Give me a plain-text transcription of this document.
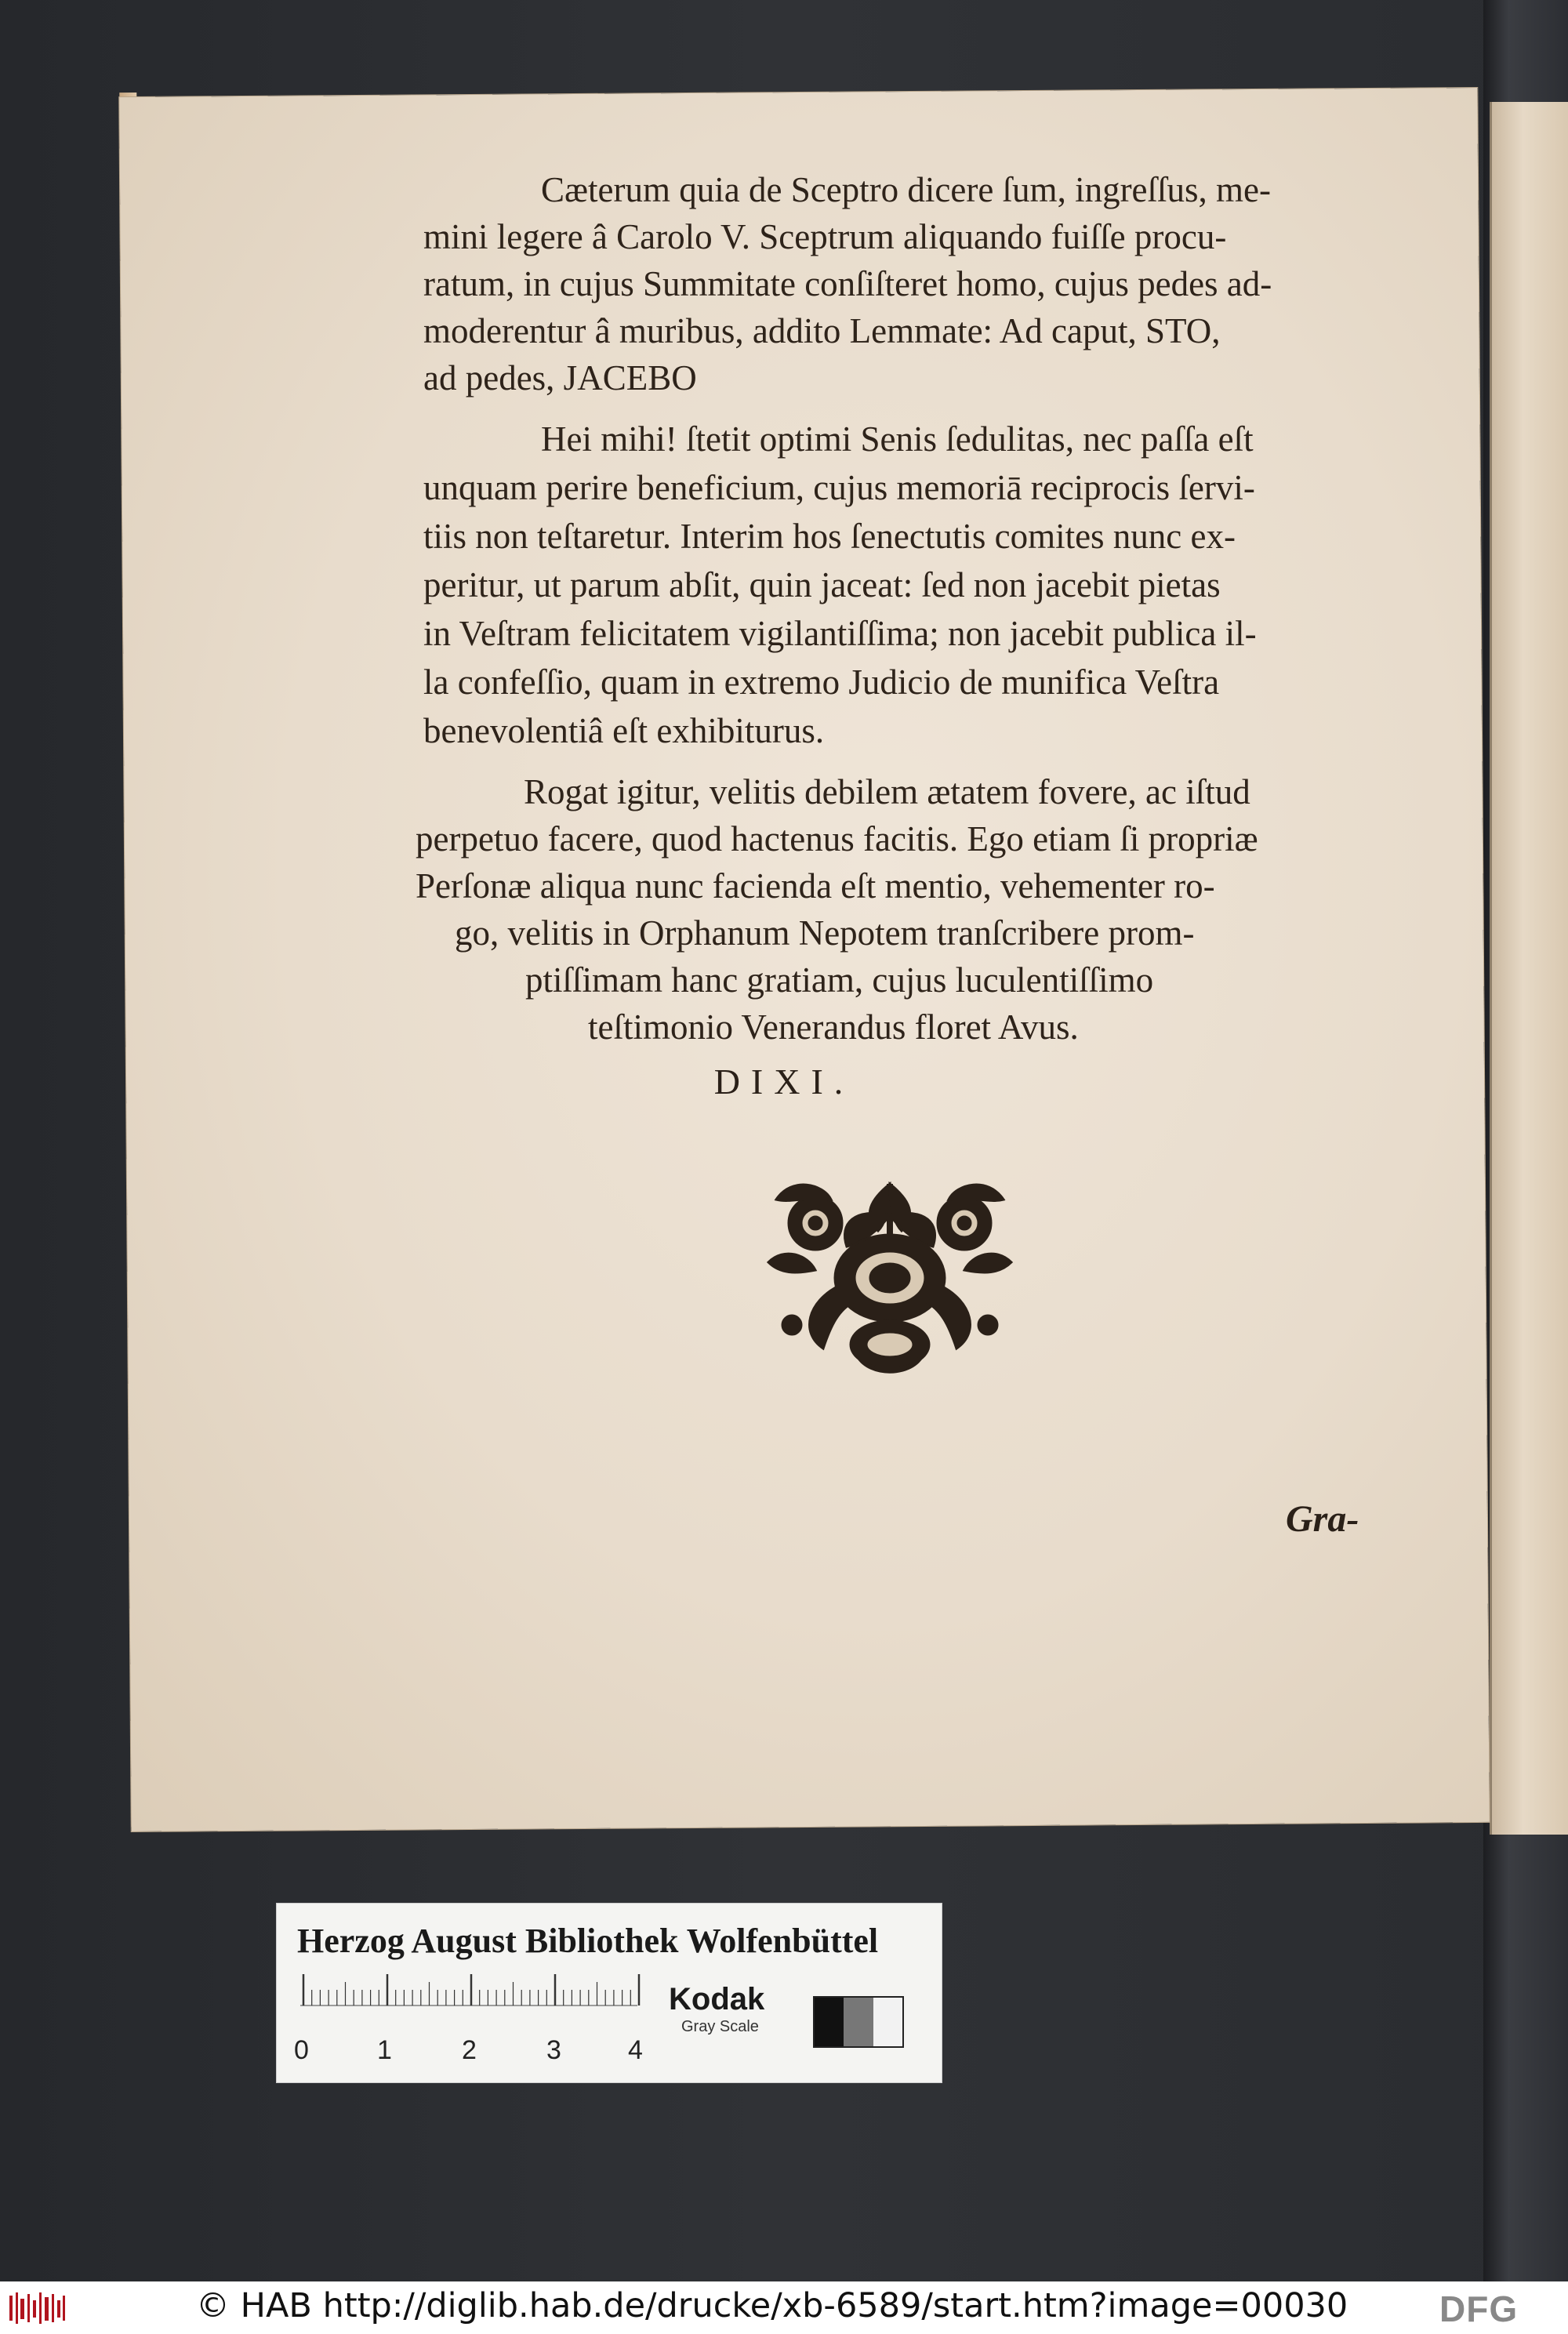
Cæterum quia de Sceptro dicere ſum, ingreſſus, me-
mini legere â Carolo V. Sceptrum aliquando fuiſſe procu-
ratum, in cujus Summitate conſiſteret homo, cujus pedes ad-
moderentur â muribus, addito Lemmate: Ad caput, STO,
ad pedes, JACEBO
Hei mihi! ſtetit optimi Senis ſedulitas, nec paſſa eſt
unquam perire beneficium, cujus memoriā reciprocis ſervi-
tiis non teſtaretur. Interim hos ſenectutis comites nunc ex-
peritur, ut parum abſit, quin jaceat: ſed non jacebit pietas
in Veſtram felicitatem vigilantiſſima; non jacebit publica il-
la confeſſio, quam in extremo Judicio de munifica Veſtra
benevolentiâ eſt exhibiturus.
Rogat igitur, velitis debilem ætatem fovere, ac iſtud
perpetuo facere, quod hactenus facitis. Ego etiam ſi propriæ
Perſonæ aliqua nunc facienda eſt mentio, vehementer ro-
go, velitis in Orphanum Nepotem tranſcribere prom-
ptiſſimam hanc gratiam, cujus luculentiſſimo
teſtimonio Venerandus floret Avus.
DIXI.
Gra-
Herzog August Bibliothek Wolfenbüttel
0	1	2	3	4
Kodak
Gray Scale
© HAB http://diglib.hab.de/drucke/xb-6589/start.htm?image=00030	DFG
